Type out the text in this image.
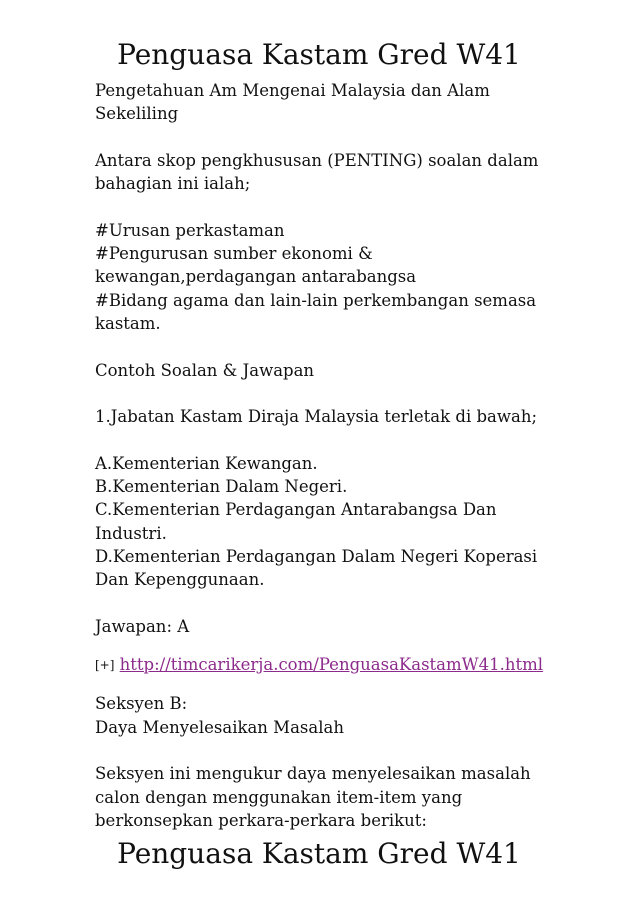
Penguasa Kastam Gred W41

Pengetahuan Am Mengenai Malaysia dan Alam Sekeliling

Antara skop pengkhususan (PENTING) soalan dalam bahagian ini ialah;

#Urusan perkastaman

#Pengurusan sumber ekonomi & kewangan,perdagangan antarabangsa

#Bidang agama dan lain-lain perkembangan semasa kastam.

Contoh Soalan & Jawapan

1.Jabatan Kastam Diraja Malaysia terletak di bawah;

A.Kementerian Kewangan.

B.Kementerian Dalam Negeri.

C.Kementerian Perdagangan Antarabangsa Dan Industri.

D.Kementerian Perdagangan Dalam Negeri Koperasi Dan Kepenggunaan.

Jawapan: A

[+] http://timcarikerja.com/PenguasaKastamW41.html

Seksyen B:

Daya Menyelesaikan Masalah

Seksyen ini mengukur daya menyelesaikan masalah calon dengan menggunakan item-item yang berkonsepkan perkara-perkara berikut:

Penguasa Kastam Gred W41
